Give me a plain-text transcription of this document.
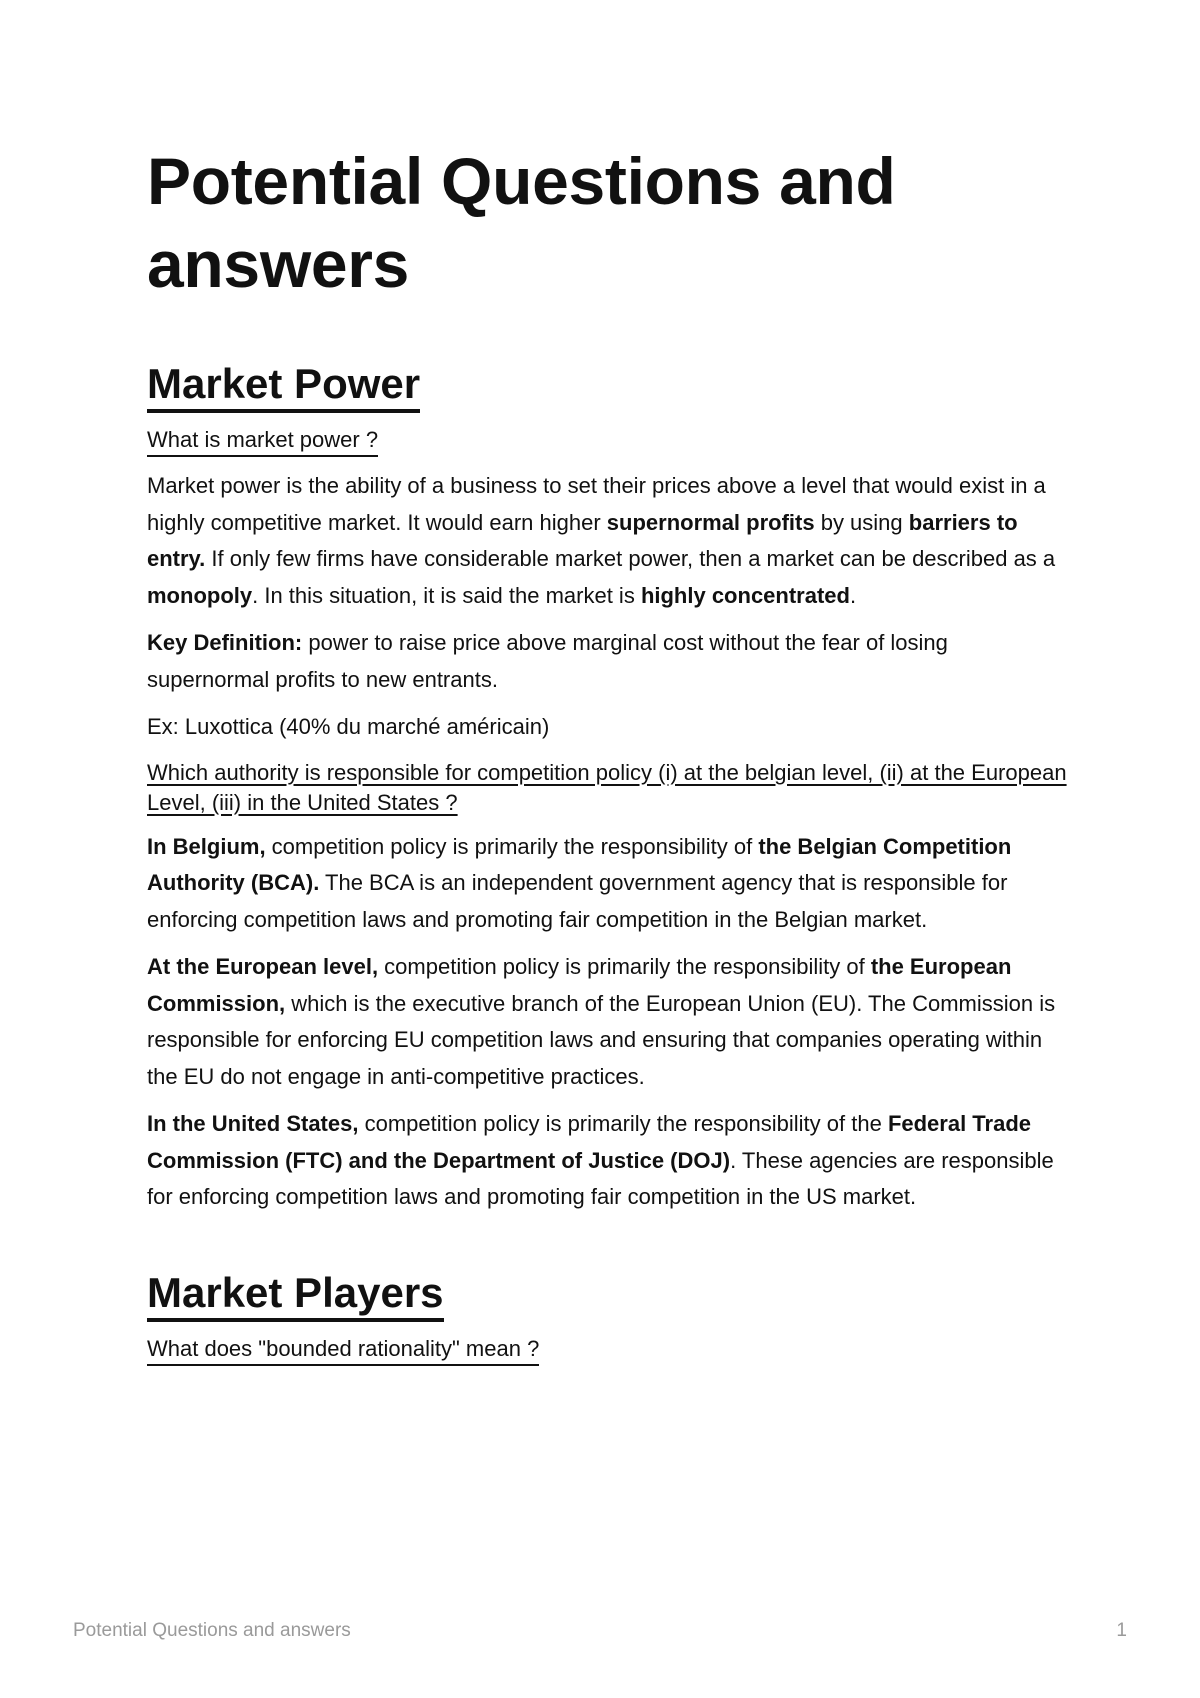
Potential Questions and answers
Market Power
What is market power ?

Market power is the ability of a business to set their prices above a level that would exist in a highly competitive market. It would earn higher supernormal profits by using barriers to entry. If only few firms have considerable market power, then a market can be described as a monopoly. In this situation, it is said the market is highly concentrated.

Key Definition: power to raise price above marginal cost without the fear of losing supernormal profits to new entrants.

Ex: Luxottica (40% du marché américain)

Which authority is responsible for competition policy (i) at the belgian level, (ii) at the European Level, (iii) in the United States ?

In Belgium, competition policy is primarily the responsibility of the Belgian Competition Authority (BCA). The BCA is an independent government agency that is responsible for enforcing competition laws and promoting fair competition in the Belgian market.

At the European level, competition policy is primarily the responsibility of the European Commission, which is the executive branch of the European Union (EU). The Commission is responsible for enforcing EU competition laws and ensuring that companies operating within the EU do not engage in anti-competitive practices.

In the United States, competition policy is primarily the responsibility of the Federal Trade Commission (FTC) and the Department of Justice (DOJ). These agencies are responsible for enforcing competition laws and promoting fair competition in the US market.

Market Players
What does "bounded rationality" mean ?
Potential Questions and answers	1
